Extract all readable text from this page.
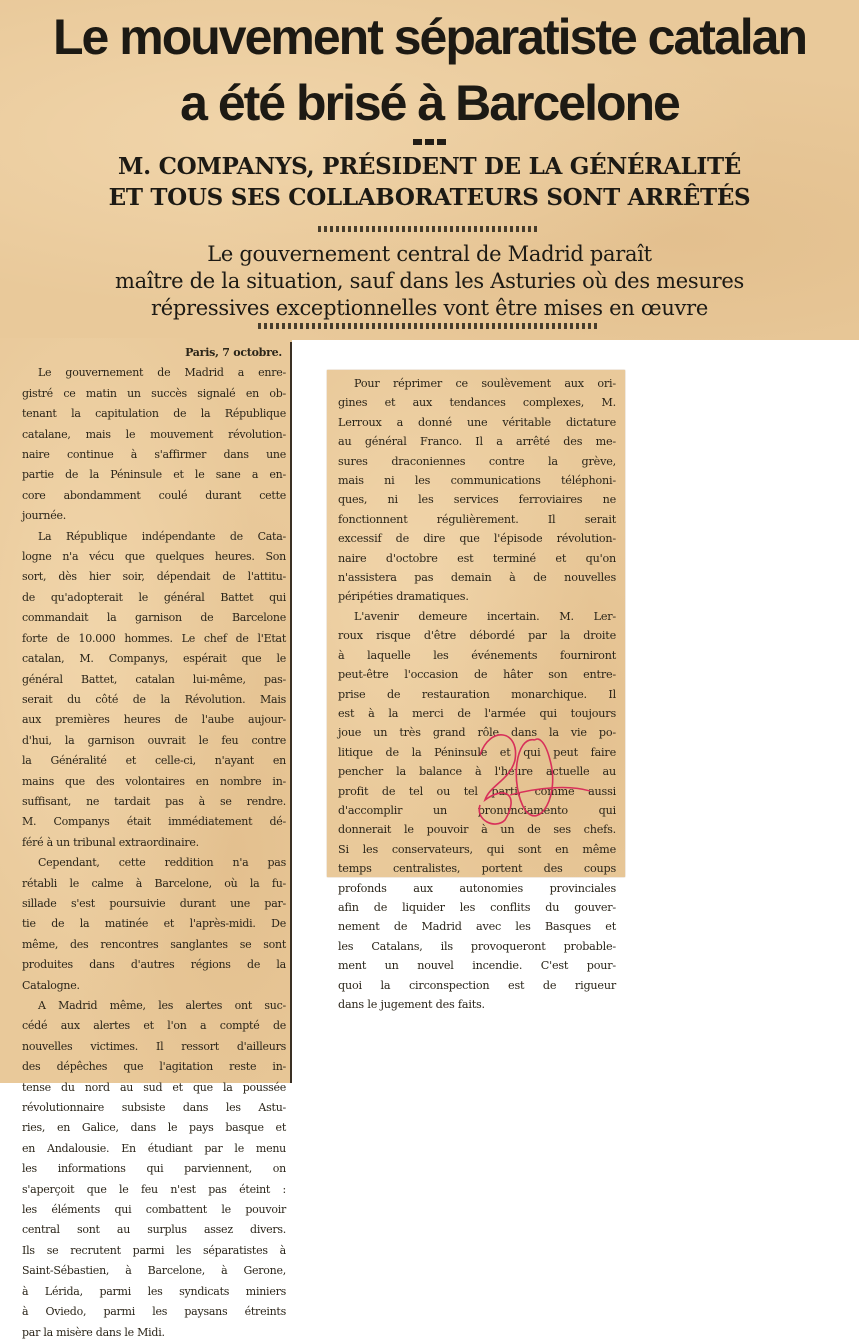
Le mouvement séparatiste catalan
a été brisé à Barcelone
M. COMPANYS, PRÉSIDENT DE LA GÉNÉRALITÉ
ET TOUS SES COLLABORATEURS SONT ARRÊTÉS
Le gouvernement central de Madrid paraît
maître de la situation, sauf dans les Asturies où des mesures
répressives exceptionnelles vont être mises en œuvre
Paris, 7 octobre.
Le gouvernement de Madrid a enre-
gistré ce matin un succès signalé en ob-
tenant la capitulation de la République
catalane, mais le mouvement révolution-
naire continue à s'affirmer dans une
partie de la Péninsule et le sane a en-
core abondamment coulé durant cette
journée.
La République indépendante de Cata-
logne n'a vécu que quelques heures. Son
sort, dès hier soir, dépendait de l'attitu-
de qu'adopterait le général Battet qui
commandait la garnison de Barcelone
forte de 10.000 hommes. Le chef de l'Etat
catalan, M. Companys, espérait que le
général Battet, catalan lui-même, pas-
serait du côté de la Révolution. Mais
aux premières heures de l'aube aujour-
d'hui, la garnison ouvrait le feu contre
la Généralité et celle-ci, n'ayant en
mains que des volontaires en nombre in-
suffisant, ne tardait pas à se rendre.
M. Companys était immédiatement dé-
féré à un tribunal extraordinaire.
Cependant, cette reddition n'a pas
rétabli le calme à Barcelone, où la fu-
sillade s'est poursuivie durant une par-
tie de la matinée et l'après-midi. De
même, des rencontres sanglantes se sont
produites dans d'autres régions de la
Catalogne.
A Madrid même, les alertes ont suc-
cédé aux alertes et l'on a compté de
nouvelles victimes. Il ressort d'ailleurs
des dépêches que l'agitation reste in-
tense du nord au sud et que la poussée
révolutionnaire subsiste dans les Astu-
ries, en Galice, dans le pays basque et
en Andalousie. En étudiant par le menu
les informations qui parviennent, on
s'aperçoit que le feu n'est pas éteint :
les éléments qui combattent le pouvoir
central sont au surplus assez divers.
Ils se recrutent parmi les séparatistes à
Saint-Sébastien, à Barcelone, à Gerone,
à Lérida, parmi les syndicats miniers
à Oviedo, parmi les paysans étreints
par la misère dans le Midi.
Pour réprimer ce soulèvement aux ori-
gines et aux tendances complexes, M.
Lerroux a donné une véritable dictature
au général Franco. Il a arrêté des me-
sures draconiennes contre la grève,
mais ni les communications téléphoni-
ques, ni les services ferroviaires ne
fonctionnent régulièrement. Il serait
excessif de dire que l'épisode révolution-
naire d'octobre est terminé et qu'on
n'assistera pas demain à de nouvelles
péripéties dramatiques.
L'avenir demeure incertain. M. Ler-
roux risque d'être débordé par la droite
à laquelle les événements fourniront
peut-être l'occasion de hâter son entre-
prise de restauration monarchique. Il
est à la merci de l'armée qui toujours
joue un très grand rôle dans la vie po-
litique de la Péninsule et qui peut faire
pencher la balance à l'heure actuelle au
profit de tel ou tel parti, comme aussi
d'accomplir un pronunciamento qui
donnerait le pouvoir à un de ses chefs.
Si les conservateurs, qui sont en même
temps centralistes, portent des coups
profonds aux autonomies provinciales
afin de liquider les conflits du gouver-
nement de Madrid avec les Basques et
les Catalans, ils provoqueront probable-
ment un nouvel incendie. C'est pour-
quoi la circonspection est de rigueur
dans le jugement des faits.
